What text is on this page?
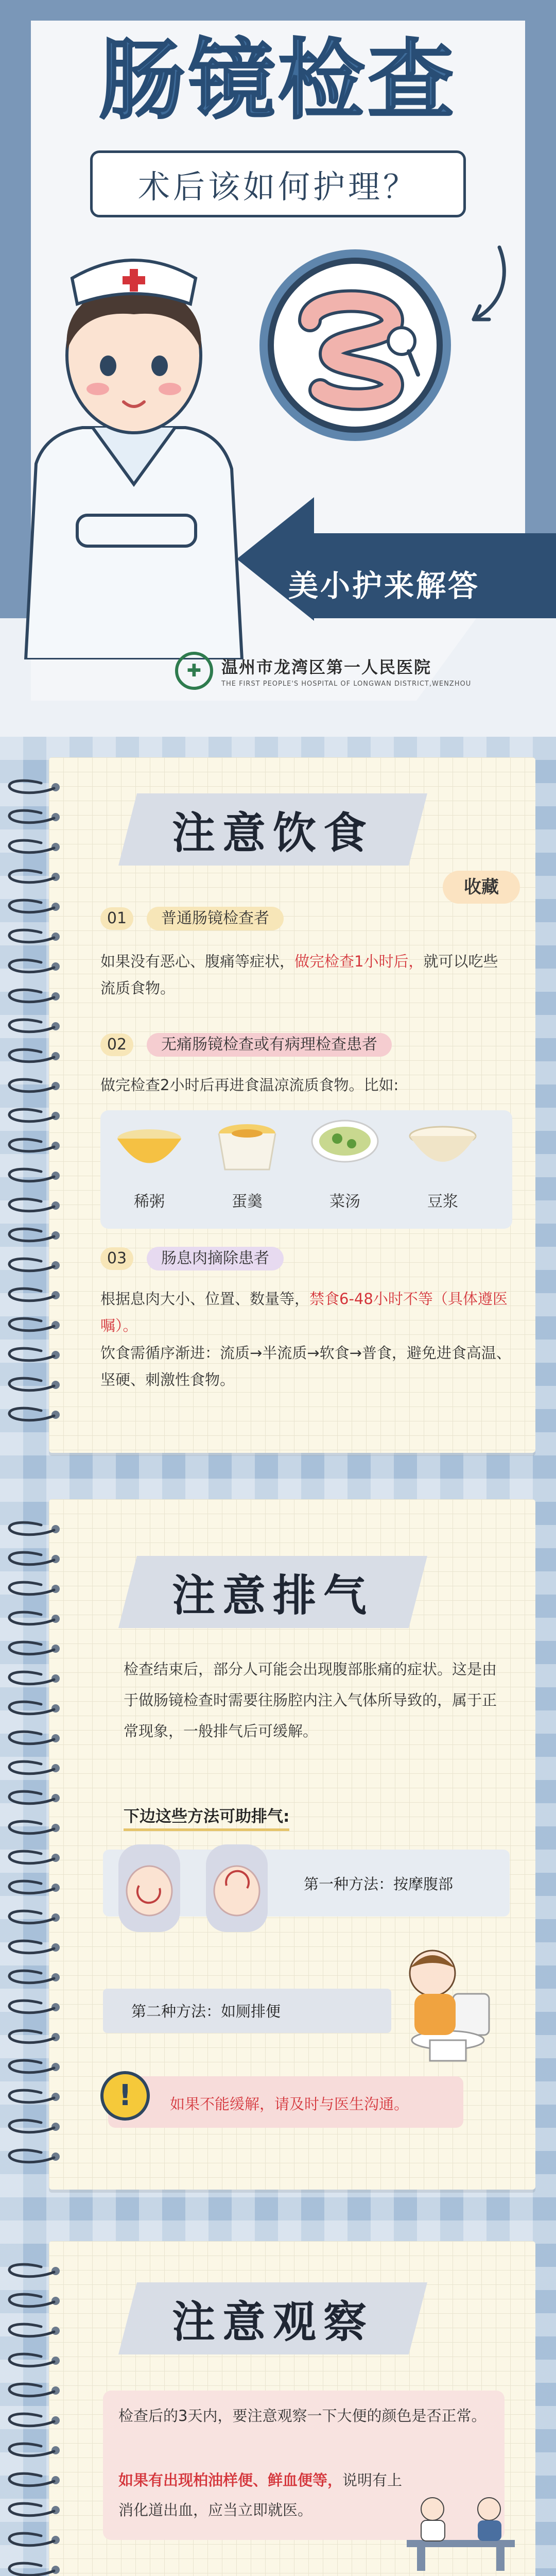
肠镜检查
术后该如何护理？
美小护来解答
✚	温州市龙湾区第一人民医院
THE FIRST PEOPLE'S HOSPITAL OF LONGWAN DISTRICT,WENZHOU
注意饮食
收藏
01	普通肠镜检查者
如果没有恶心、腹痛等症状，做完检查1小时后，就可以吃些流质食物。
02	无痛肠镜检查或有病理检查患者
做完检查2小时后再进食温凉流质食物。比如:
稀粥	蛋羹	菜汤	豆浆
03	肠息肉摘除患者
根据息肉大小、位置、数量等，禁食6-48小时不等（具体遵医嘱）。
饮食需循序渐进：流质→半流质→软食→普食，避免进食高温、坚硬、刺激性食物。
注意排气
检查结束后，部分人可能会出现腹部胀痛的症状。这是由于做肠镜检查时需要往肠腔内注入气体所导致的，属于正常现象，一般排气后可缓解。
下边这些方法可助排气:
第一种方法：按摩腹部
第二种方法：如厕排便
!	如果不能缓解，请及时与医生沟通。
注意观察
检查后的3天内，要注意观察一下大便的颜色是否正常。
如果有出现柏油样便、鲜血便等，说明有上消化道出血，应当立即就医。
